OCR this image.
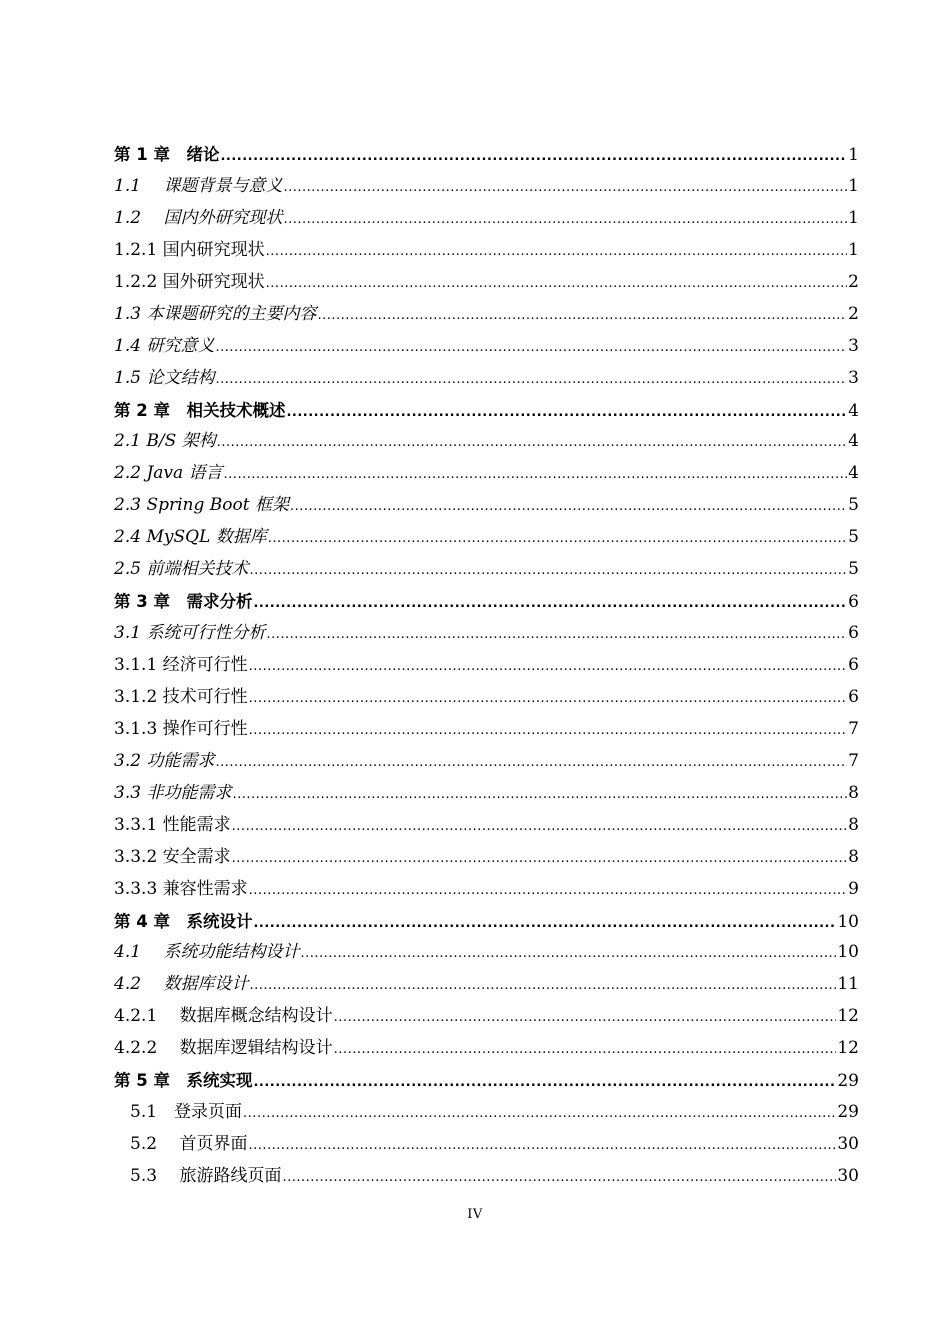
第 1 章　绪论 .....	1
1.1　 课题背景与意义 .....	1
1.2　 国内外研究现状 .....	1
1.2.1 国内研究现状 .....	1
1.2.2 国外研究现状 .....	2
1.3 本课题研究的主要内容 .....	2
1.4 研究意义 .....	3
1.5 论文结构 .....	3
第 2 章　相关技术概述 .....	4
2.1 B/S 架构 .....	4
2.2 Java 语言 .....	4
2.3 Spring Boot 框架 .....	5
2.4 MySQL 数据库 .....	5
2.5 前端相关技术 .....	5
第 3 章　需求分析 .....	6
3.1 系统可行性分析 .....	6
3.1.1 经济可行性 .....	6
3.1.2 技术可行性 .....	6
3.1.3 操作可行性 .....	7
3.2 功能需求 .....	7
3.3 非功能需求 .....	8
3.3.1 性能需求 .....	8
3.3.2 安全需求 .....	8
3.3.3 兼容性需求 .....	9
第 4 章　系统设计 .....	10
4.1　 系统功能结构设计 .....	10
4.2　 数据库设计 .....	11
4.2.1　 数据库概念结构设计 .....	12
4.2.2　 数据库逻辑结构设计 .....	12
第 5 章　系统实现 .....	29
5.1　登录页面 .....	29
5.2　 首页界面 .....	30
5.3　 旅游路线页面 .....	30
IV
